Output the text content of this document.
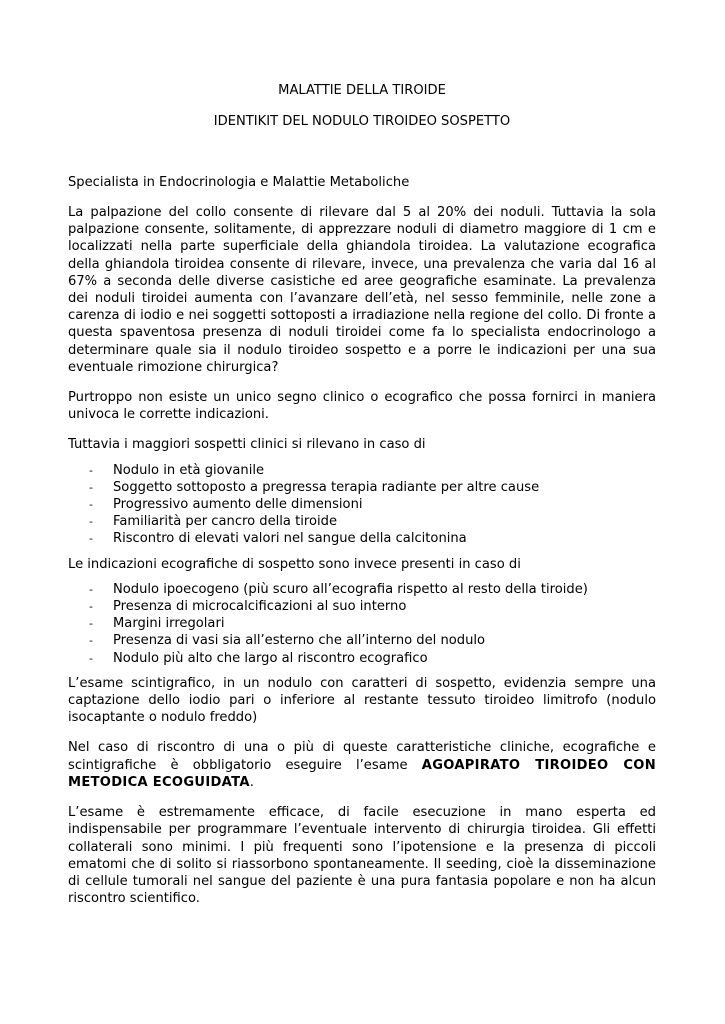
MALATTIE DELLA TIROIDE

IDENTIKIT DEL NODULO TIROIDEO SOSPETTO

Specialista in Endocrinologia e Malattie Metaboliche

La palpazione del collo consente di rilevare dal 5 al 20% dei noduli. Tuttavia la sola palpazione consente, solitamente, di apprezzare noduli di diametro maggiore di 1 cm e localizzati nella parte superficiale della ghiandola tiroidea. La valutazione ecografica della ghiandola tiroidea consente di rilevare, invece, una prevalenza che varia dal 16 al 67% a seconda delle diverse casistiche ed aree geografiche esaminate. La prevalenza dei noduli tiroidei aumenta con l’avanzare dell’età, nel sesso femminile, nelle zone a carenza di iodio e nei soggetti sottoposti a irradiazione nella regione del collo. Di fronte a questa spaventosa presenza di noduli tiroidei come fa lo specialista endocrinologo a determinare quale sia il nodulo tiroideo sospetto e a porre le indicazioni per una sua eventuale rimozione chirurgica?

Purtroppo non esiste un unico segno clinico o ecografico che possa fornirci in maniera univoca le corrette indicazioni.

Tuttavia i maggiori sospetti clinici si rilevano in caso di

- Nodulo in età giovanile
- Soggetto sottoposto a pregressa terapia radiante per altre cause
- Progressivo aumento delle dimensioni
- Familiarità per cancro della tiroide
- Riscontro di elevati valori nel sangue della calcitonina

Le indicazioni ecografiche di sospetto sono invece presenti in caso di

- Nodulo ipoecogeno (più scuro all’ecografia rispetto al resto della tiroide)
- Presenza di microcalcificazioni al suo interno
- Margini irregolari
- Presenza di vasi sia all’esterno che all’interno del nodulo
- Nodulo più alto che largo al riscontro ecografico

L’esame scintigrafico, in un nodulo con caratteri di sospetto, evidenzia sempre una captazione dello iodio pari o inferiore al restante tessuto tiroideo limitrofo (nodulo isocaptante o nodulo freddo)

Nel caso di riscontro di una o più di queste caratteristiche cliniche, ecografiche e scintigrafiche è obbligatorio eseguire l’esame AGOAPIRATO TIROIDEO CON METODICA ECOGUIDATA.

L’esame è estremamente efficace, di facile esecuzione in mano esperta ed indispensabile per programmare l’eventuale intervento di chirurgia tiroidea. Gli effetti collaterali sono minimi. I più frequenti sono l’ipotensione e la presenza di piccoli ematomi che di solito si riassorbono spontaneamente. Il seeding, cioè la disseminazione di cellule tumorali nel sangue del paziente è una pura fantasia popolare e non ha alcun riscontro scientifico.
